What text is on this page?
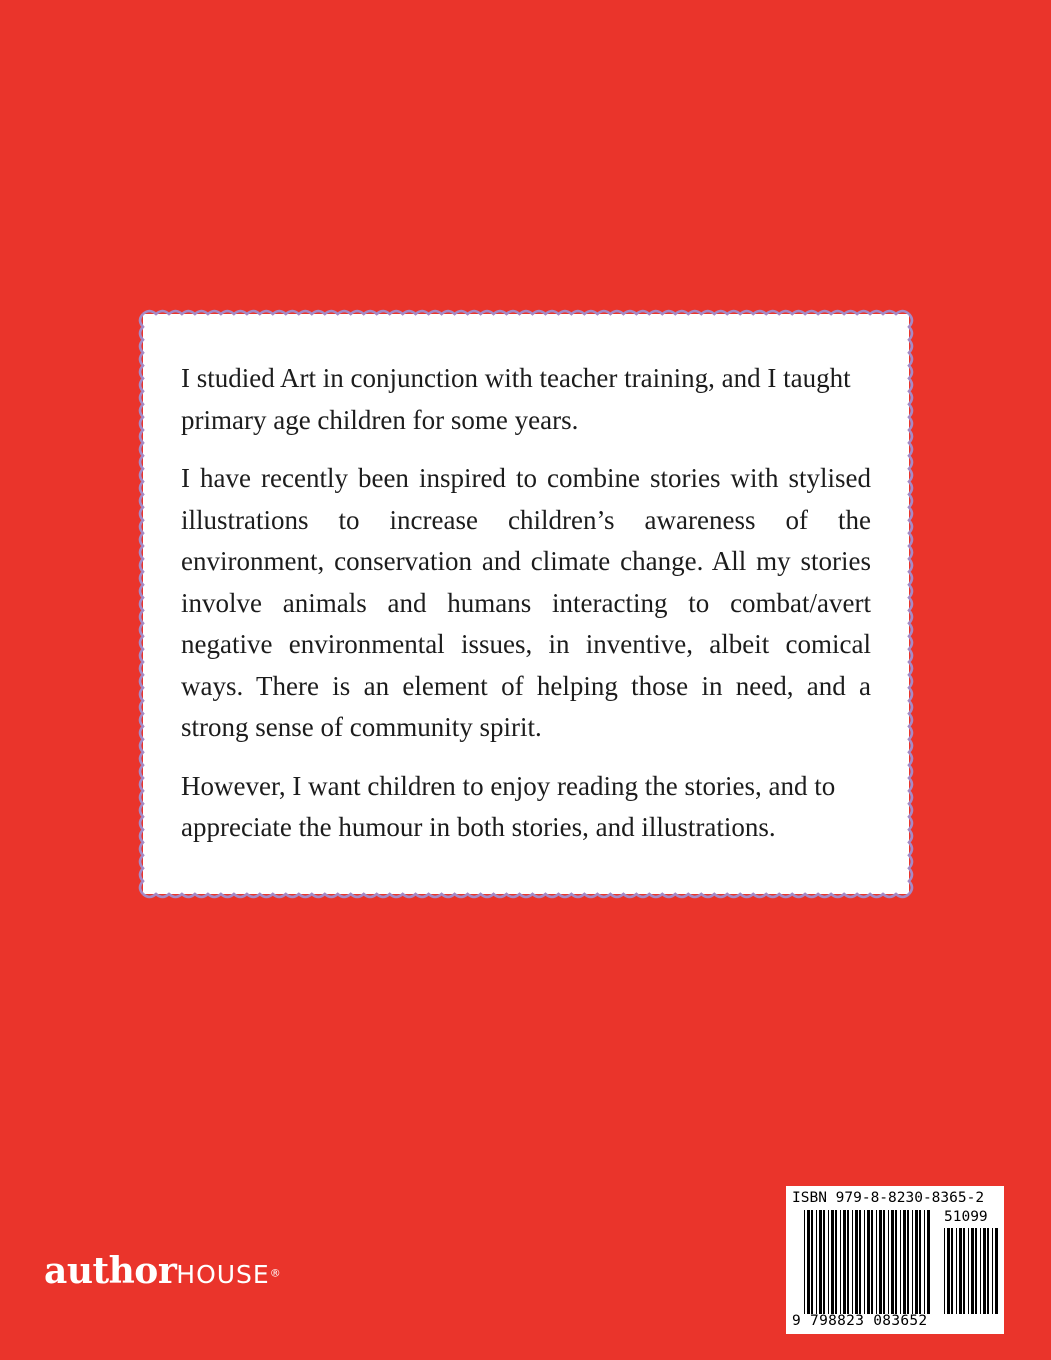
I studied Art in conjunction with teacher training, and I taught primary age children for some years.

I have recently been inspired to combine stories with stylised illustrations to increase children’s awareness of the environment, conservation and climate change. All my stories involve animals and humans interacting to combat/avert negative environmental issues, in inventive, albeit comical ways. There is an element of helping those in need, and a strong sense of community spirit.

However, I want children to enjoy reading the stories, and to appreciate the humour in both stories, and illustrations.

authorHOUSE®
ISBN 979-8-8230-8365-2
51099
9 798823 083652
